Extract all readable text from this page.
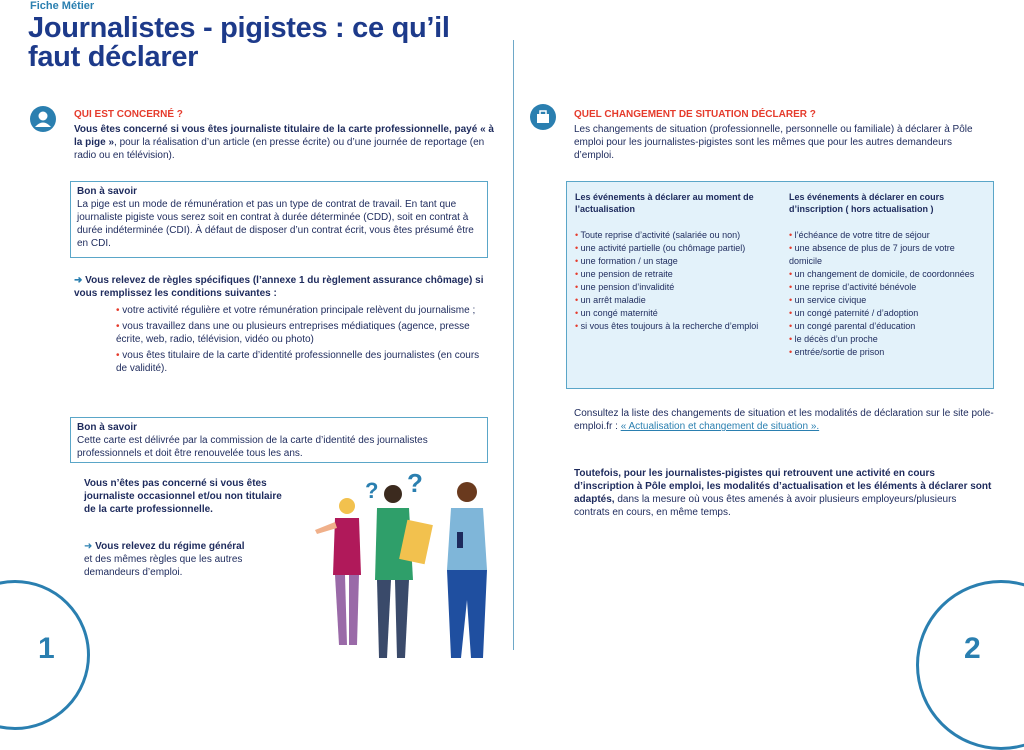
Fiche Métier
Journalistes - pigistes : ce qu’il faut déclarer
QUI EST CONCERNÉ ?
Vous êtes concerné si vous êtes journaliste titulaire de la carte professionnelle, payé « à la pige », pour la réalisation d’un article (en presse écrite) ou d’une journée de reportage (en radio ou en télévision).
Bon à savoir
La pige est un mode de rémunération et pas un type de contrat de travail. En tant que journaliste pigiste vous serez soit en contrat à durée déterminée (CDD), soit en contrat à durée indéterminée (CDI). À défaut de disposer d’un contrat écrit, vous êtes présumé être en CDI.
➜ Vous relevez de règles spécifiques (l’annexe 1 du règlement assurance chômage) si vous remplissez les conditions suivantes :
• votre activité régulière et votre rémunération principale relèvent du journalisme ;
• vous travaillez dans une ou plusieurs entreprises médiatiques (agence, presse écrite, web, radio, télévision, vidéo ou photo)
• vous êtes titulaire de la carte d’identité professionnelle des journalistes (en cours de validité).
Bon à savoir
Cette carte est délivrée par la commission de la carte d’identité des journalistes professionnels et doit être renouvelée tous les ans.
Vous n’êtes pas concerné si vous êtes journaliste occasionnel et/ou non titulaire de la carte professionnelle.
➜ Vous relevez du régime général
et des mêmes règles que les autres demandeurs d’emploi.
? ?
1
QUEL CHANGEMENT DE SITUATION DÉCLARER ?
Les changements de situation (professionnelle, personnelle ou familiale) à déclarer à Pôle emploi pour les journalistes-pigistes sont les mêmes que pour les autres demandeurs d’emploi.
Les événements à déclarer au moment de l’actualisation
• Toute reprise d’activité (salariée ou non)
• une activité partielle (ou chômage partiel)
• une formation / un stage
• une pension de retraite
• une pension d’invalidité
• un arrêt maladie
• un congé maternité
• si vous êtes toujours à la recherche d’emploi
Les événements à déclarer en cours d’inscription ( hors actualisation )
• l’échéance de votre titre de séjour
• une absence de plus de 7 jours de votre domicile
• un changement de domicile, de coordonnées
• une reprise d’activité bénévole
• un service civique
• un congé paternité / d’adoption
• un congé parental d’éducation
• le décès d’un proche
• entrée/sortie de prison
Consultez la liste des changements de situation et les modalités de déclaration sur le site pole-emploi.fr : « Actualisation et changement de situation ».
Toutefois, pour les journalistes-pigistes qui retrouvent une activité en cours d’inscription à Pôle emploi, les modalités d’actualisation et les éléments à déclarer sont adaptés, dans la mesure où vous êtes amenés à avoir plusieurs employeurs/plusieurs contrats en cours, en même temps.
2
